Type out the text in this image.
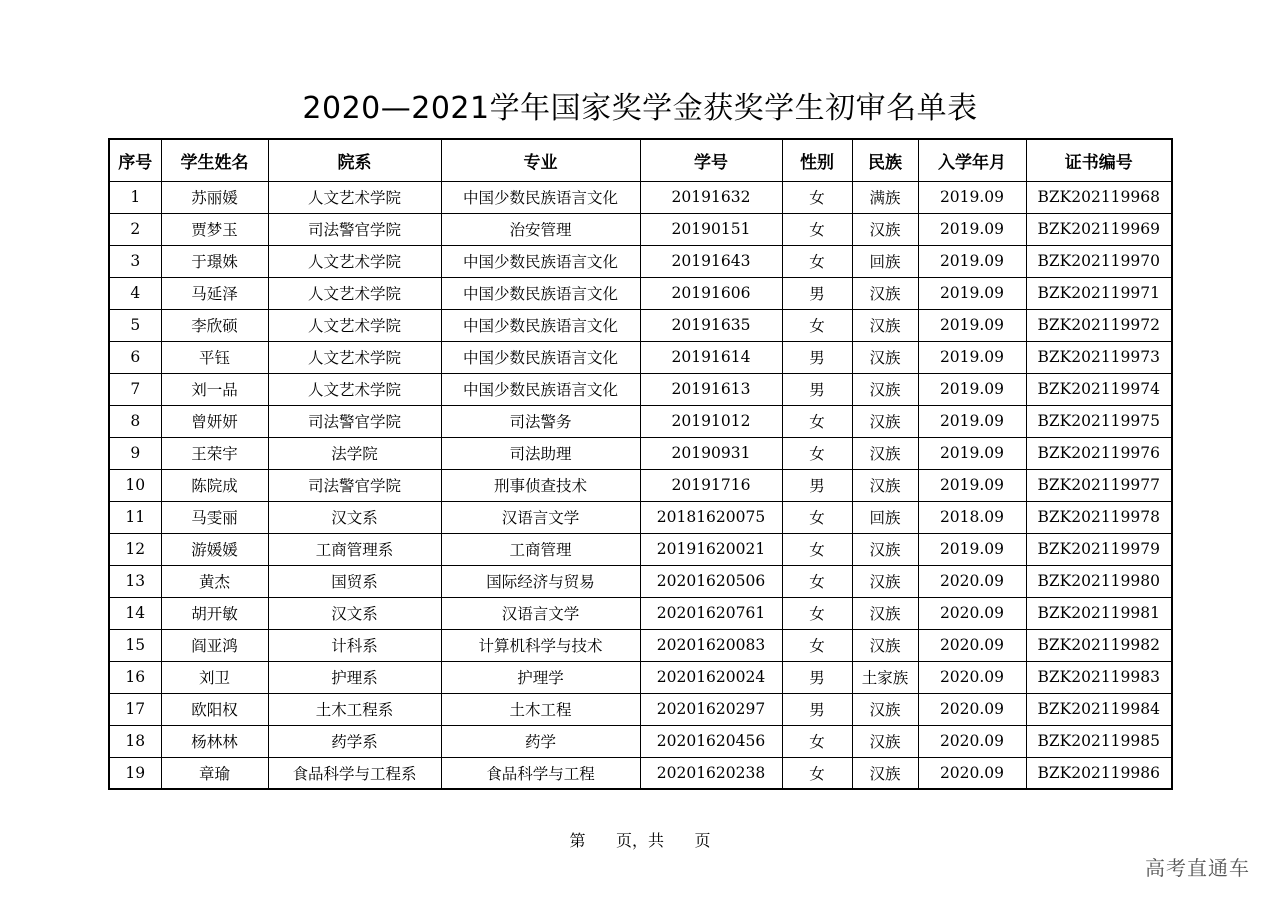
2020—2021学年国家奖学金获奖学生初审名单表
序号	学生姓名	院系	专业	学号	性别	民族	入学年月	证书编号
1	苏丽媛	人文艺术学院	中国少数民族语言文化	20191632	女	满族	2019.09	BZK202119968
2	贾梦玉	司法警官学院	治安管理	20190151	女	汉族	2019.09	BZK202119969
3	于璟姝	人文艺术学院	中国少数民族语言文化	20191643	女	回族	2019.09	BZK202119970
4	马延泽	人文艺术学院	中国少数民族语言文化	20191606	男	汉族	2019.09	BZK202119971
5	李欣硕	人文艺术学院	中国少数民族语言文化	20191635	女	汉族	2019.09	BZK202119972
6	平钰	人文艺术学院	中国少数民族语言文化	20191614	男	汉族	2019.09	BZK202119973
7	刘一品	人文艺术学院	中国少数民族语言文化	20191613	男	汉族	2019.09	BZK202119974
8	曾妍妍	司法警官学院	司法警务	20191012	女	汉族	2019.09	BZK202119975
9	王荣宇	法学院	司法助理	20190931	女	汉族	2019.09	BZK202119976
10	陈院成	司法警官学院	刑事侦查技术	20191716	男	汉族	2019.09	BZK202119977
11	马雯丽	汉文系	汉语言文学	20181620075	女	回族	2018.09	BZK202119978
12	游媛媛	工商管理系	工商管理	20191620021	女	汉族	2019.09	BZK202119979
13	黄杰	国贸系	国际经济与贸易	20201620506	女	汉族	2020.09	BZK202119980
14	胡开敏	汉文系	汉语言文学	20201620761	女	汉族	2020.09	BZK202119981
15	阎亚鸿	计科系	计算机科学与技术	20201620083	女	汉族	2020.09	BZK202119982
16	刘卫	护理系	护理学	20201620024	男	土家族	2020.09	BZK202119983
17	欧阳权	土木工程系	土木工程	20201620297	男	汉族	2020.09	BZK202119984
18	杨林林	药学系	药学	20201620456	女	汉族	2020.09	BZK202119985
19	章瑜	食品科学与工程系	食品科学与工程	20201620238	女	汉族	2020.09	BZK202119986
第      页，共      页
高考直通车
